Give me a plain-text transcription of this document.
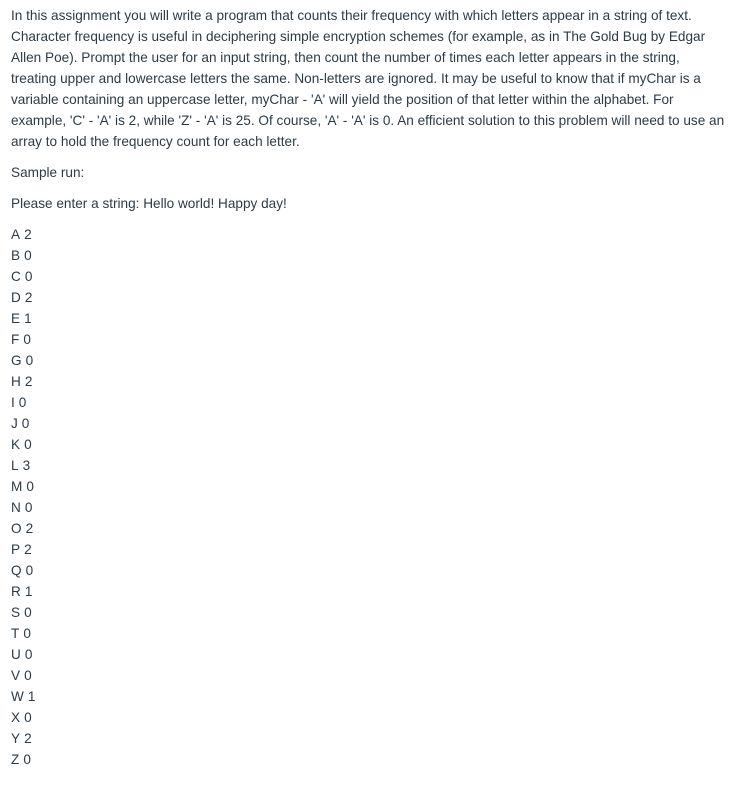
In this assignment you will write a program that counts their frequency with which letters appear in a string of text. Character frequency is useful in deciphering simple encryption schemes (for example, as in The Gold Bug by Edgar Allen Poe). Prompt the user for an input string, then count the number of times each letter appears in the string, treating upper and lowercase letters the same. Non-letters are ignored. It may be useful to know that if myChar is a variable containing an uppercase letter, myChar - 'A' will yield the position of that letter within the alphabet. For example, 'C' - 'A' is 2, while 'Z' - 'A' is 25. Of course, 'A' - 'A' is 0. An efficient solution to this problem will need to use an array to hold the frequency count for each letter.

Sample run:

Please enter a string: Hello world! Happy day!

A 2
B 0
C 0
D 2
E 1
F 0
G 0
H 2
I 0
J 0
K 0
L 3
M 0
N 0
O 2
P 2
Q 0
R 1
S 0
T 0
U 0
V 0
W 1
X 0
Y 2
Z 0
